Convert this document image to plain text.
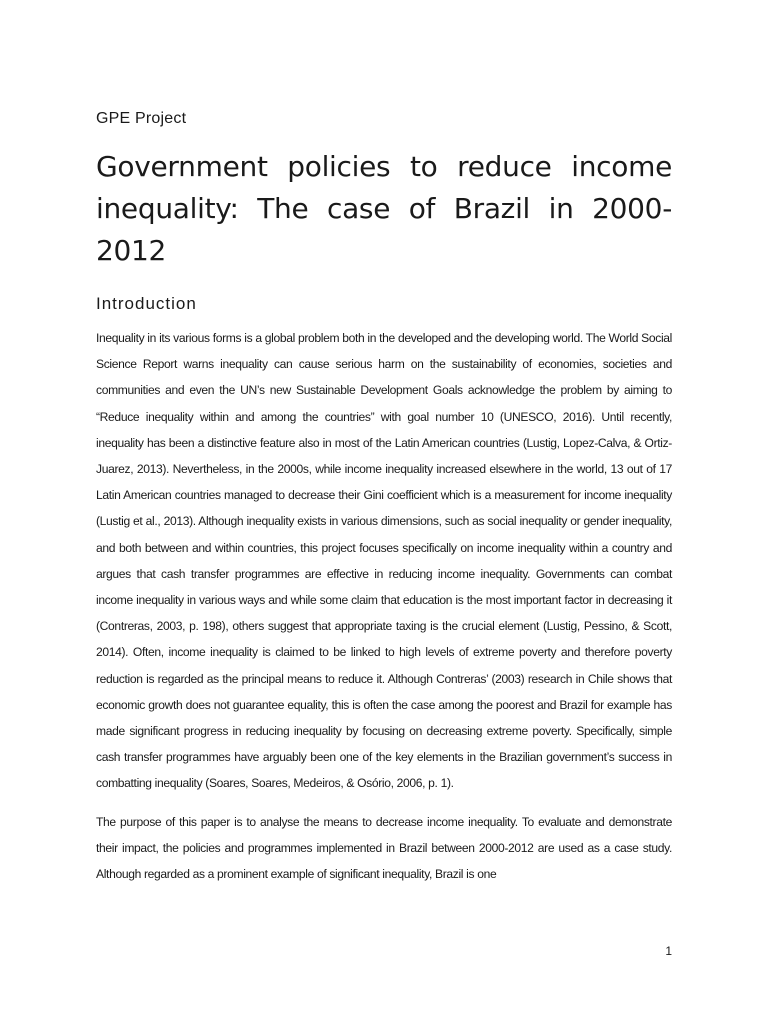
GPE Project
Government policies to reduce income inequality: The case of Brazil in 2000-2012
Introduction

Inequality in its various forms is a global problem both in the developed and the developing world. The World Social Science Report warns inequality can cause serious harm on the sustainability of economies, societies and communities and even the UN’s new Sustainable Development Goals acknowledge the problem by aiming to “Reduce inequality within and among the countries” with goal number 10 (UNESCO, 2016). Until recently, inequality has been a distinctive feature also in most of the Latin American countries (Lustig, Lopez-Calva, & Ortiz-Juarez, 2013). Nevertheless, in the 2000s, while income inequality increased elsewhere in the world, 13 out of 17 Latin American countries managed to decrease their Gini coefficient which is a measurement for income inequality (Lustig et al., 2013). Although inequality exists in various dimensions, such as social inequality or gender inequality, and both between and within countries, this project focuses specifically on income inequality within a country and argues that cash transfer programmes are effective in reducing income inequality. Governments can combat income inequality in various ways and while some claim that education is the most important factor in decreasing it (Contreras, 2003, p. 198), others suggest that appropriate taxing is the crucial element (Lustig, Pessino, & Scott, 2014). Often, income inequality is claimed to be linked to high levels of extreme poverty and therefore poverty reduction is regarded as the principal means to reduce it. Although Contreras’ (2003) research in Chile shows that economic growth does not guarantee equality, this is often the case among the poorest and Brazil for example has made significant progress in reducing inequality by focusing on decreasing extreme poverty. Specifically, simple cash transfer programmes have arguably been one of the key elements in the Brazilian government’s success in combatting inequality (Soares, Soares, Medeiros, & Osório, 2006, p. 1).

The purpose of this paper is to analyse the means to decrease income inequality. To evaluate and demonstrate their impact, the policies and programmes implemented in Brazil between 2000-2012 are used as a case study. Although regarded as a prominent example of significant inequality, Brazil is one

1
